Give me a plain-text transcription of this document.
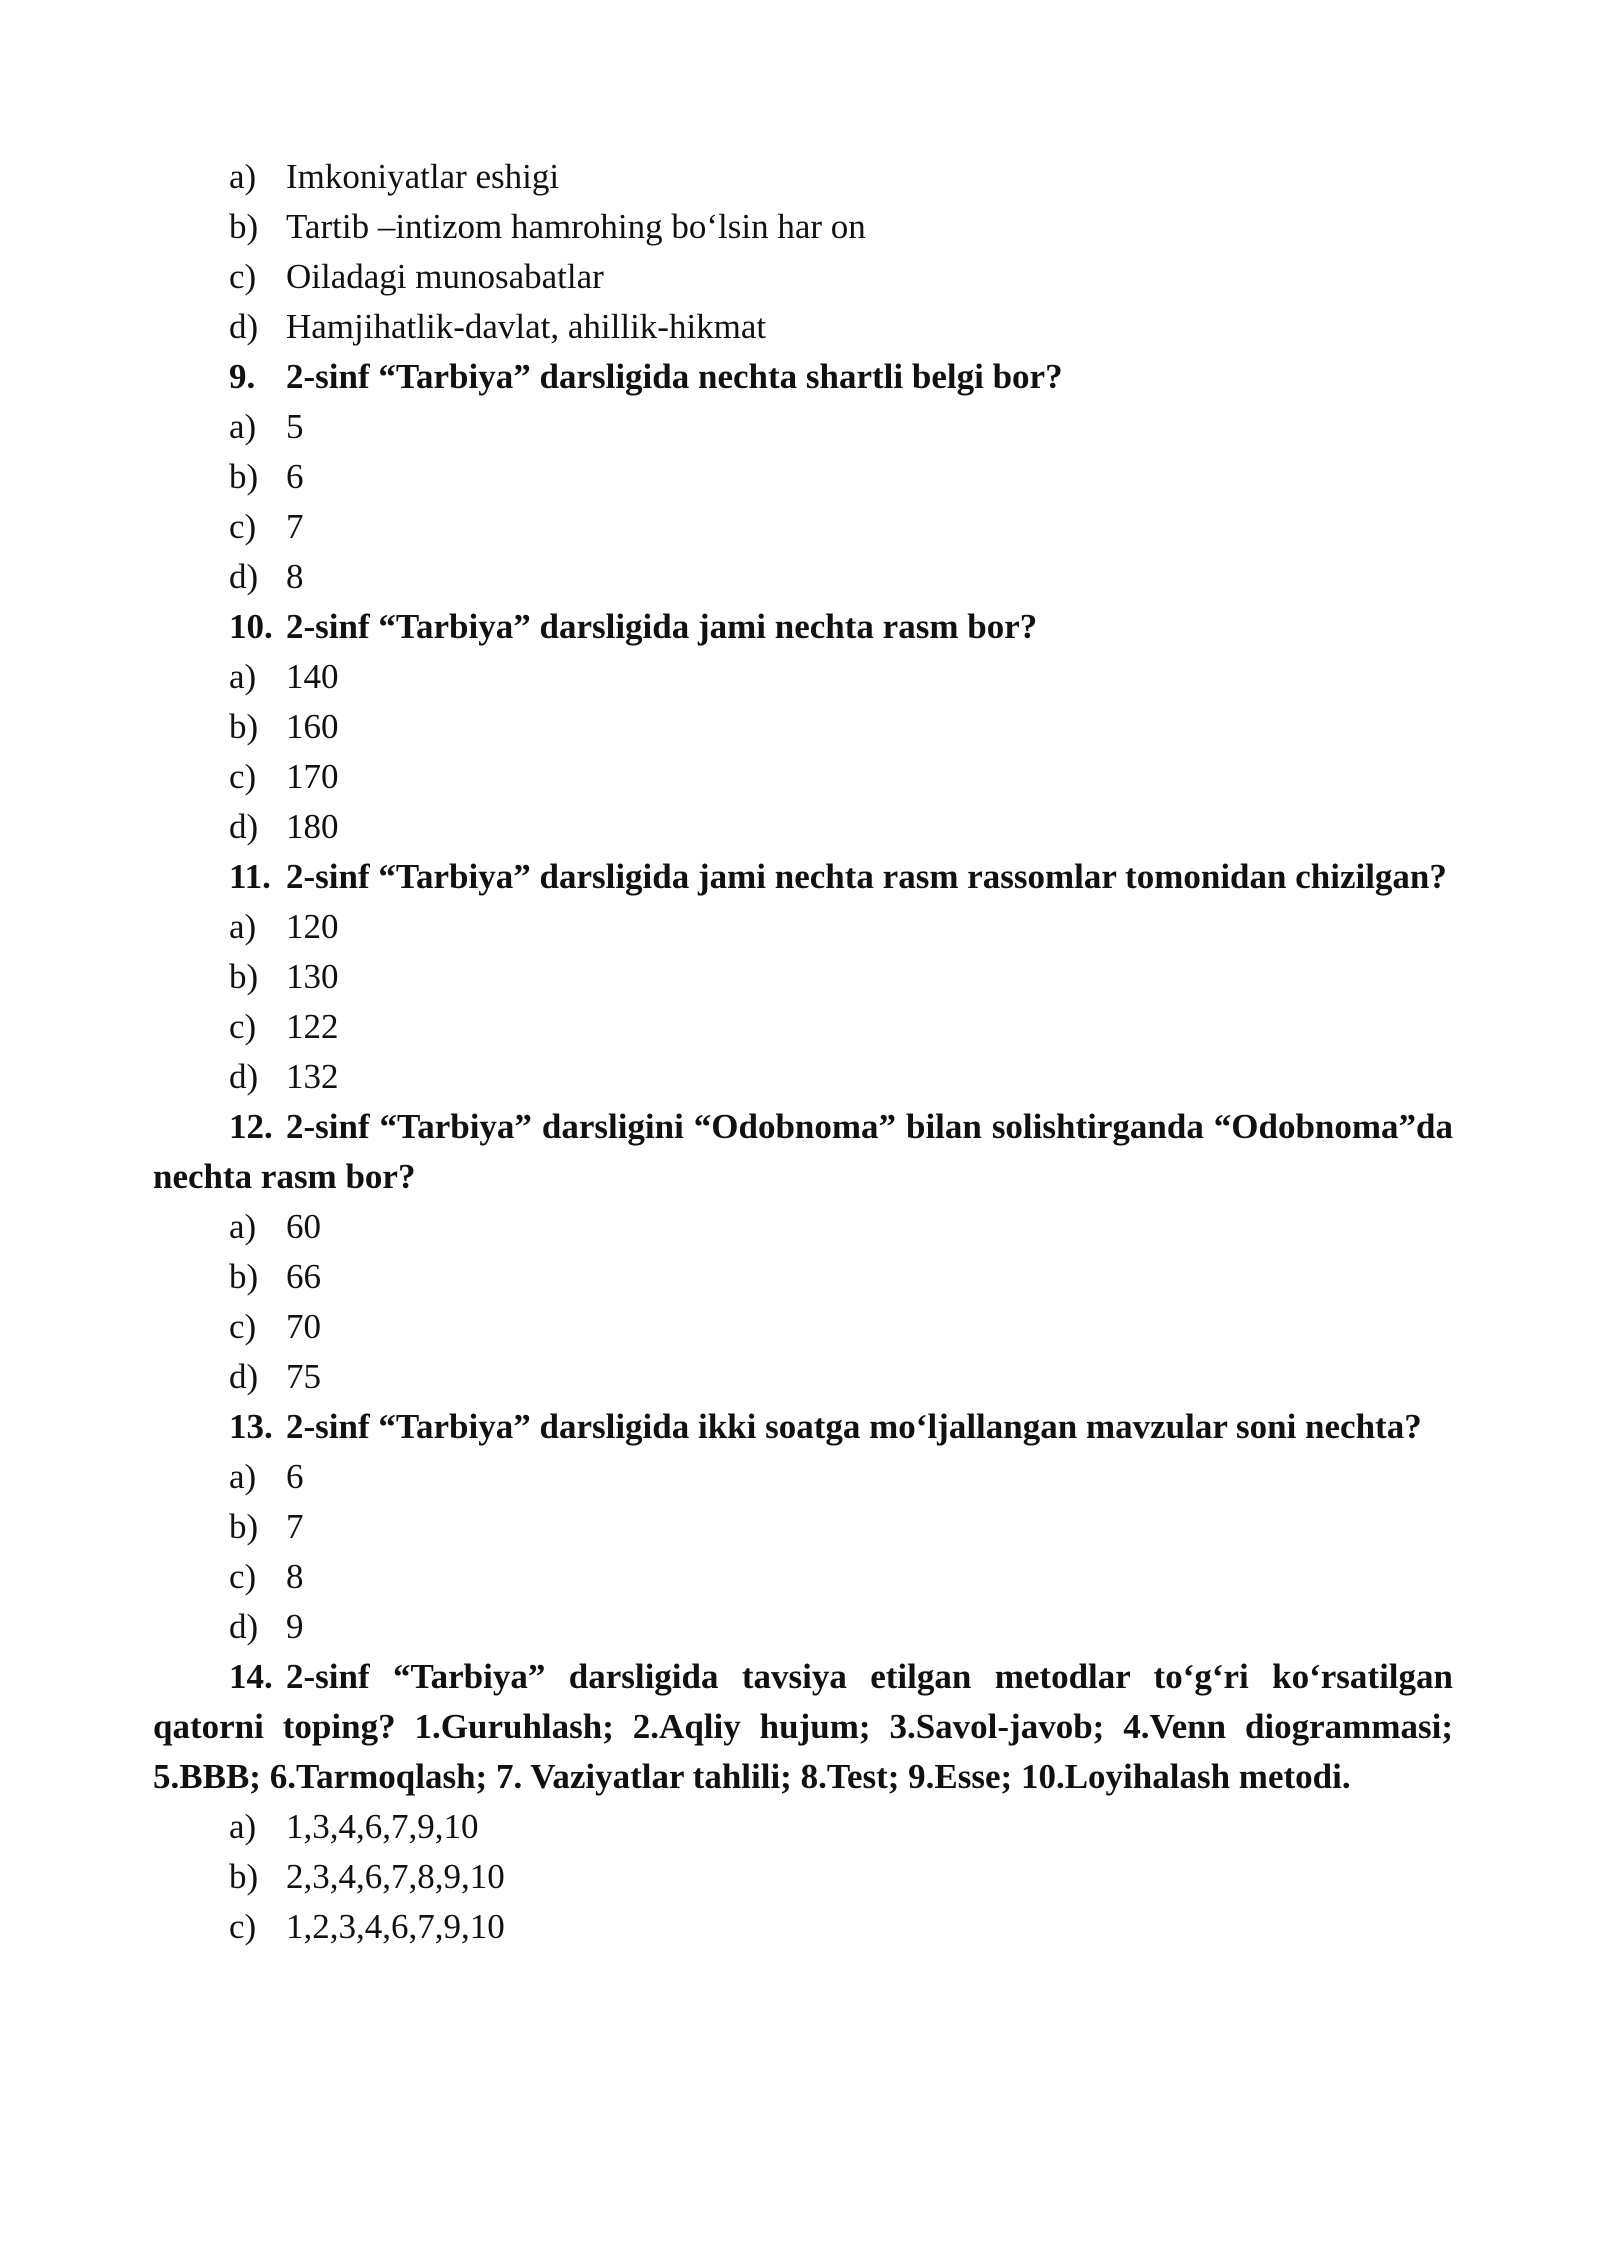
a) Imkoniyatlar eshigi
b) Tartib –intizom hamrohing bo‘lsin har on
c) Oiladagi munosabatlar
d) Hamjihatlik-davlat, ahillik-hikmat
9. 2-sinf “Tarbiya” darsligida nechta shartli belgi bor?
a) 5
b) 6
c) 7
d) 8
10. 2-sinf “Tarbiya” darsligida jami nechta rasm bor?
a) 140
b) 160
c) 170
d) 180
11. 2-sinf “Tarbiya” darsligida jami nechta rasm rassomlar tomonidan chizilgan?
a) 120
b) 130
c) 122
d) 132
12. 2-sinf “Tarbiya” darsligini “Odobnoma” bilan solishtirganda “Odobnoma”da nechta rasm bor?
a) 60
b) 66
c) 70
d) 75
13. 2-sinf “Tarbiya” darsligida ikki soatga mo‘ljallangan mavzular soni nechta?
a) 6
b) 7
c) 8
d) 9
14. 2-sinf “Tarbiya” darsligida tavsiya etilgan metodlar to‘g‘ri ko‘rsatilgan qatorni toping? 1.Guruhlash; 2.Aqliy hujum; 3.Savol-javob; 4.Venn diogrammasi; 5.BBB; 6.Tarmoqlash; 7. Vaziyatlar tahlili; 8.Test; 9.Esse; 10.Loyihalash metodi.
a) 1,3,4,6,7,9,10
b) 2,3,4,6,7,8,9,10
c) 1,2,3,4,6,7,9,10
